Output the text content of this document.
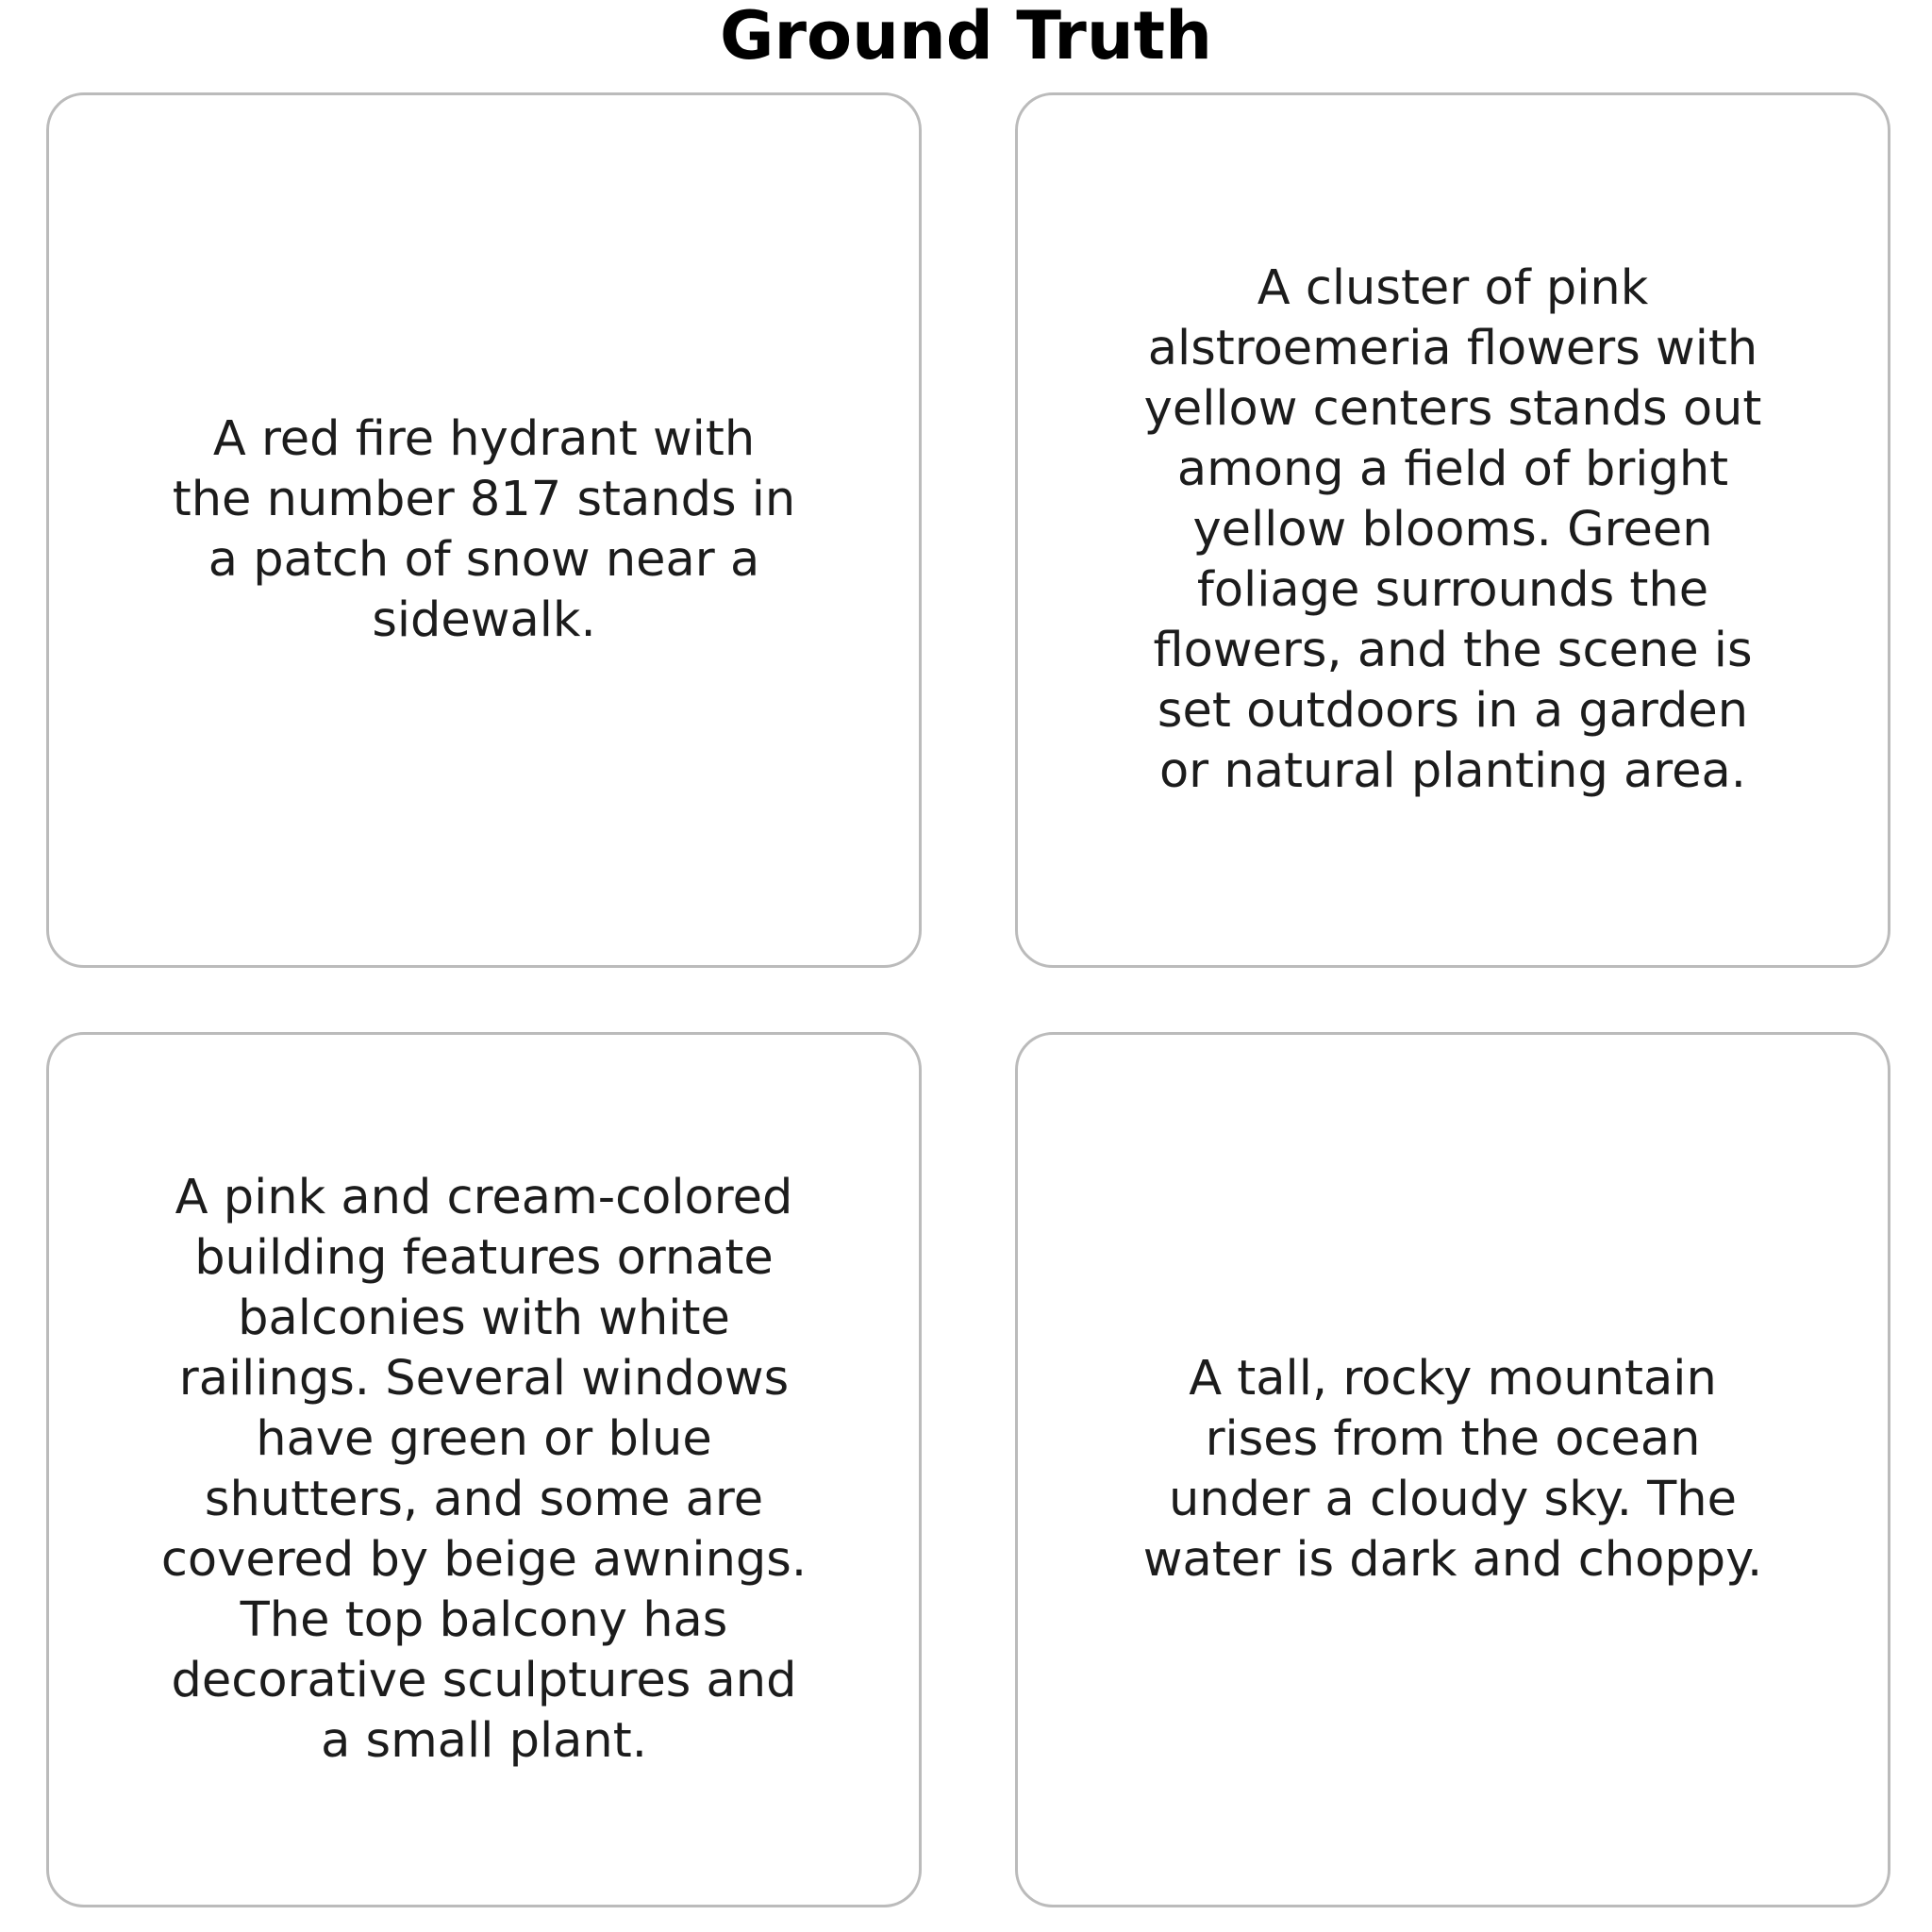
Ground Truth
A red fire hydrant with
the number 817 stands in
a patch of snow near a
sidewalk.
A cluster of pink
alstroemeria flowers with
yellow centers stands out
among a field of bright
yellow blooms. Green
foliage surrounds the
flowers, and the scene is
set outdoors in a garden
or natural planting area.
A pink and cream-colored
building features ornate
balconies with white
railings. Several windows
have green or blue
shutters, and some are
covered by beige awnings.
The top balcony has
decorative sculptures and
a small plant.
A tall, rocky mountain
rises from the ocean
under a cloudy sky. The
water is dark and choppy.
